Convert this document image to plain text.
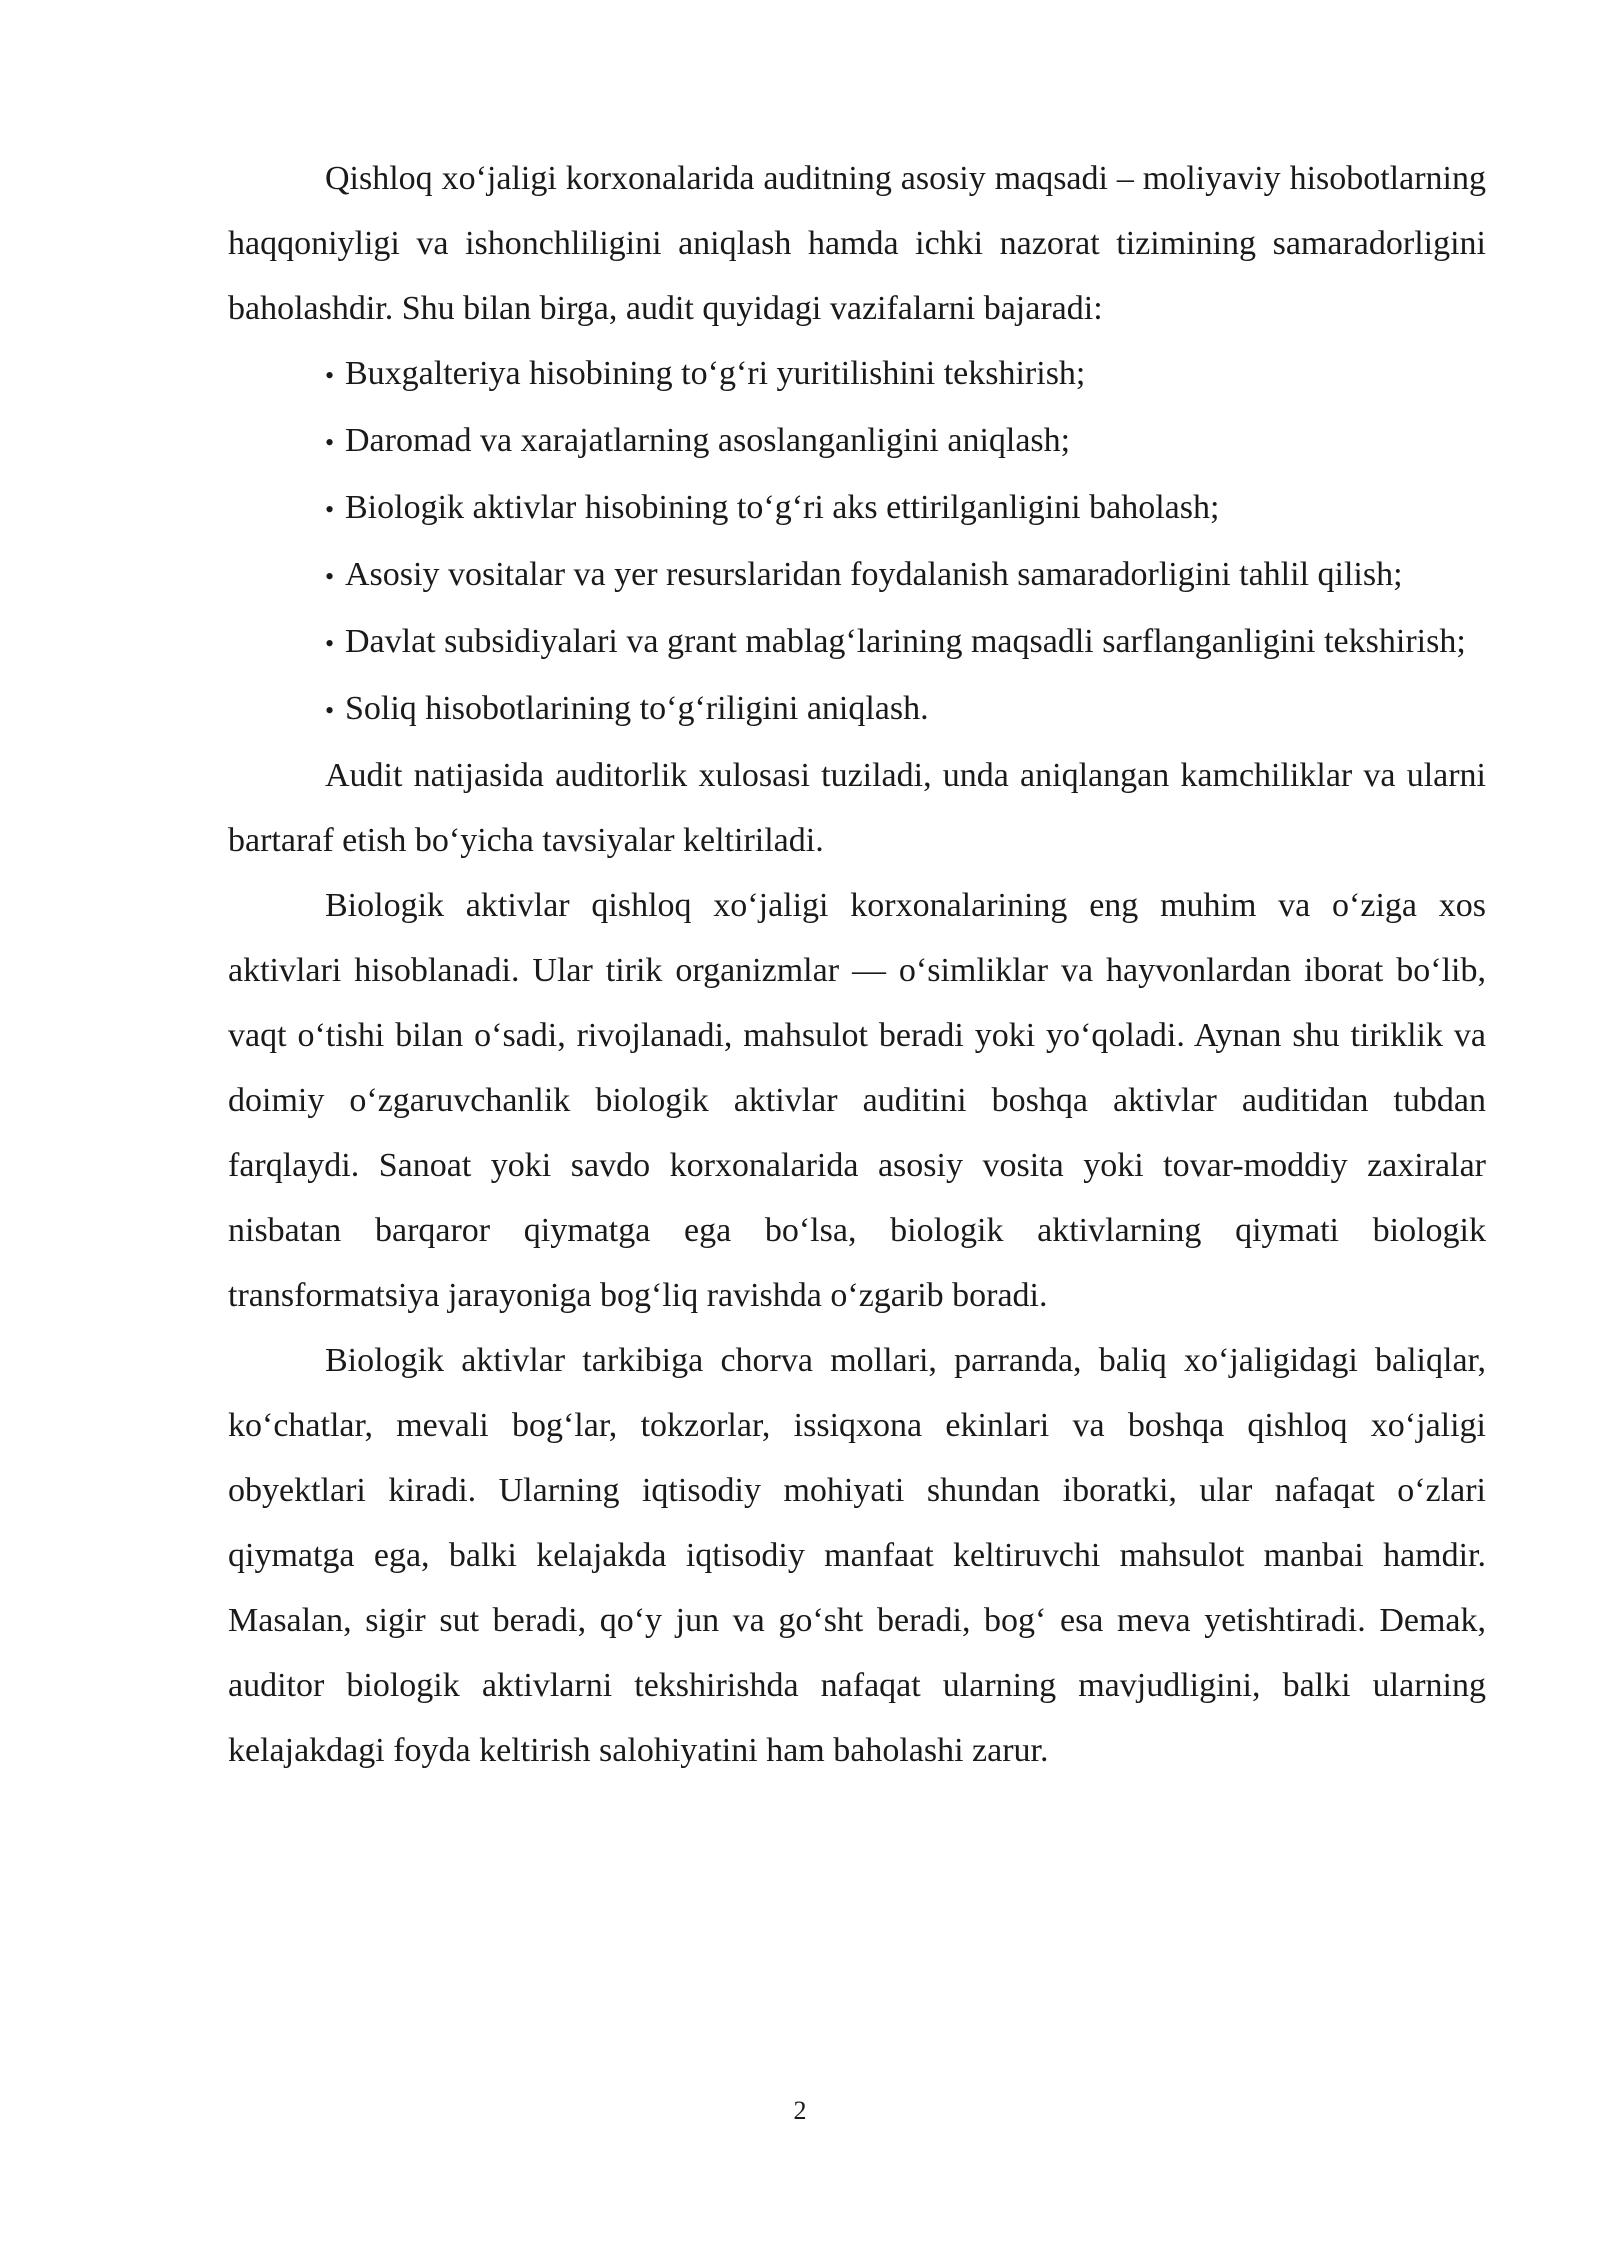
Qishloq xo‘jaligi korxonalarida auditning asosiy maqsadi – moliyaviy hisobotlarning haqqoniyligi va ishonchliligini aniqlash hamda ichki nazorat tizimining samaradorligini baholashdir. Shu bilan birga, audit quyidagi vazifalarni bajaradi:

• Buxgalteriya hisobining to‘g‘ri yuritilishini tekshirish;
• Daromad va xarajatlarning asoslanganligini aniqlash;
• Biologik aktivlar hisobining to‘g‘ri aks ettirilganligini baholash;
• Asosiy vositalar va yer resurslaridan foydalanish samaradorligini tahlil qilish;
• Davlat subsidiyalari va grant mablag‘larining maqsadli sarflanganligini tekshirish;
• Soliq hisobotlarining to‘g‘riligini aniqlash.

Audit natijasida auditorlik xulosasi tuziladi, unda aniqlangan kamchiliklar va ularni bartaraf etish bo‘yicha tavsiyalar keltiriladi.

Biologik aktivlar qishloq xo‘jaligi korxonalarining eng muhim va o‘ziga xos aktivlari hisoblanadi. Ular tirik organizmlar — o‘simliklar va hayvonlardan iborat bo‘lib, vaqt o‘tishi bilan o‘sadi, rivojlanadi, mahsulot beradi yoki yo‘qoladi. Aynan shu tiriklik va doimiy o‘zgaruvchanlik biologik aktivlar auditini boshqa aktivlar auditidan tubdan farqlaydi. Sanoat yoki savdo korxonalarida asosiy vosita yoki tovar-moddiy zaxiralar nisbatan barqaror qiymatga ega bo‘lsa, biologik aktivlarning qiymati biologik transformatsiya jarayoniga bog‘liq ravishda o‘zgarib boradi.

Biologik aktivlar tarkibiga chorva mollari, parranda, baliq xo‘jaligidagi baliqlar, ko‘chatlar, mevali bog‘lar, tokzorlar, issiqxona ekinlari va boshqa qishloq xo‘jaligi obyektlari kiradi. Ularning iqtisodiy mohiyati shundan iboratki, ular nafaqat o‘zlari qiymatga ega, balki kelajakda iqtisodiy manfaat keltiruvchi mahsulot manbai hamdir. Masalan, sigir sut beradi, qo‘y jun va go‘sht beradi, bog‘ esa meva yetishtiradi. Demak, auditor biologik aktivlarni tekshirishda nafaqat ularning mavjudligini, balki ularning kelajakdagi foyda keltirish salohiyatini ham baholashi zarur.

2
